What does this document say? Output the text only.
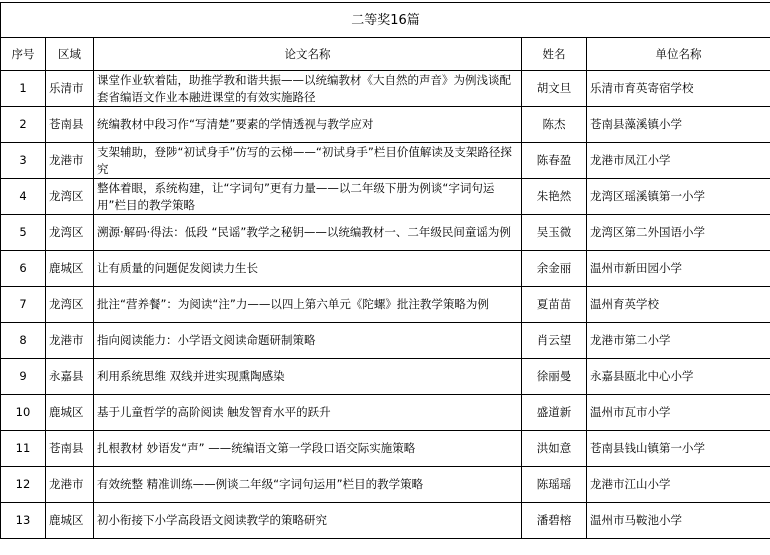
二等奖16篇				
序号	区域	论文名称	姓名	单位名称
1	乐清市	课堂作业软着陆，助推学教和谐共振——以统编教材《大自然的声音》为例浅谈配套省编语文作业本融进课堂的有效实施路径	胡文旦	乐清市育英寄宿学校
2	苍南县	统编教材中段习作“写清楚”要素的学情透视与教学应对	陈杰	苍南县藻溪镇小学
3	龙港市	支架辅助，登陟“初试身手”仿写的云梯——“初试身手”栏目价值解读及支架路径探究	陈春盈	龙港市凤江小学
4	龙湾区	整体着眼，系统构建，让“字词句”更有力量——以二年级下册为例谈“字词句运用”栏目的教学策略	朱艳然	龙湾区瑶溪镇第一小学
5	龙湾区	溯源·解码·得法：低段 “民谣”教学之秘钥——以统编教材一、二年级民间童谣为例	吴玉微	龙湾区第二外国语小学
6	鹿城区	让有质量的问题促发阅读力生长	余金丽	温州市新田园小学
7	龙湾区	批注“营养餐”：为阅读“注”力——以四上第六单元《陀螺》批注教学策略为例	夏苗苗	温州育英学校
8	龙港市	指向阅读能力：小学语文阅读命题研制策略	肖云望	龙港市第二小学
9	永嘉县	利用系统思维 双线并进实现熏陶感染	徐丽曼	永嘉县瓯北中心小学
10	鹿城区	基于儿童哲学的高阶阅读 触发智育水平的跃升	盛道新	温州市瓦市小学
11	苍南县	扎根教材 妙语发“声” ——统编语文第一学段口语交际实施策略	洪如意	苍南县钱山镇第一小学
12	龙港市	有效统整 精准训练——例谈二年级“字词句运用”栏目的教学策略	陈瑶瑶	龙港市江山小学
13	鹿城区	初小衔接下小学高段语文阅读教学的策略研究	潘碧榕	温州市马鞍池小学
